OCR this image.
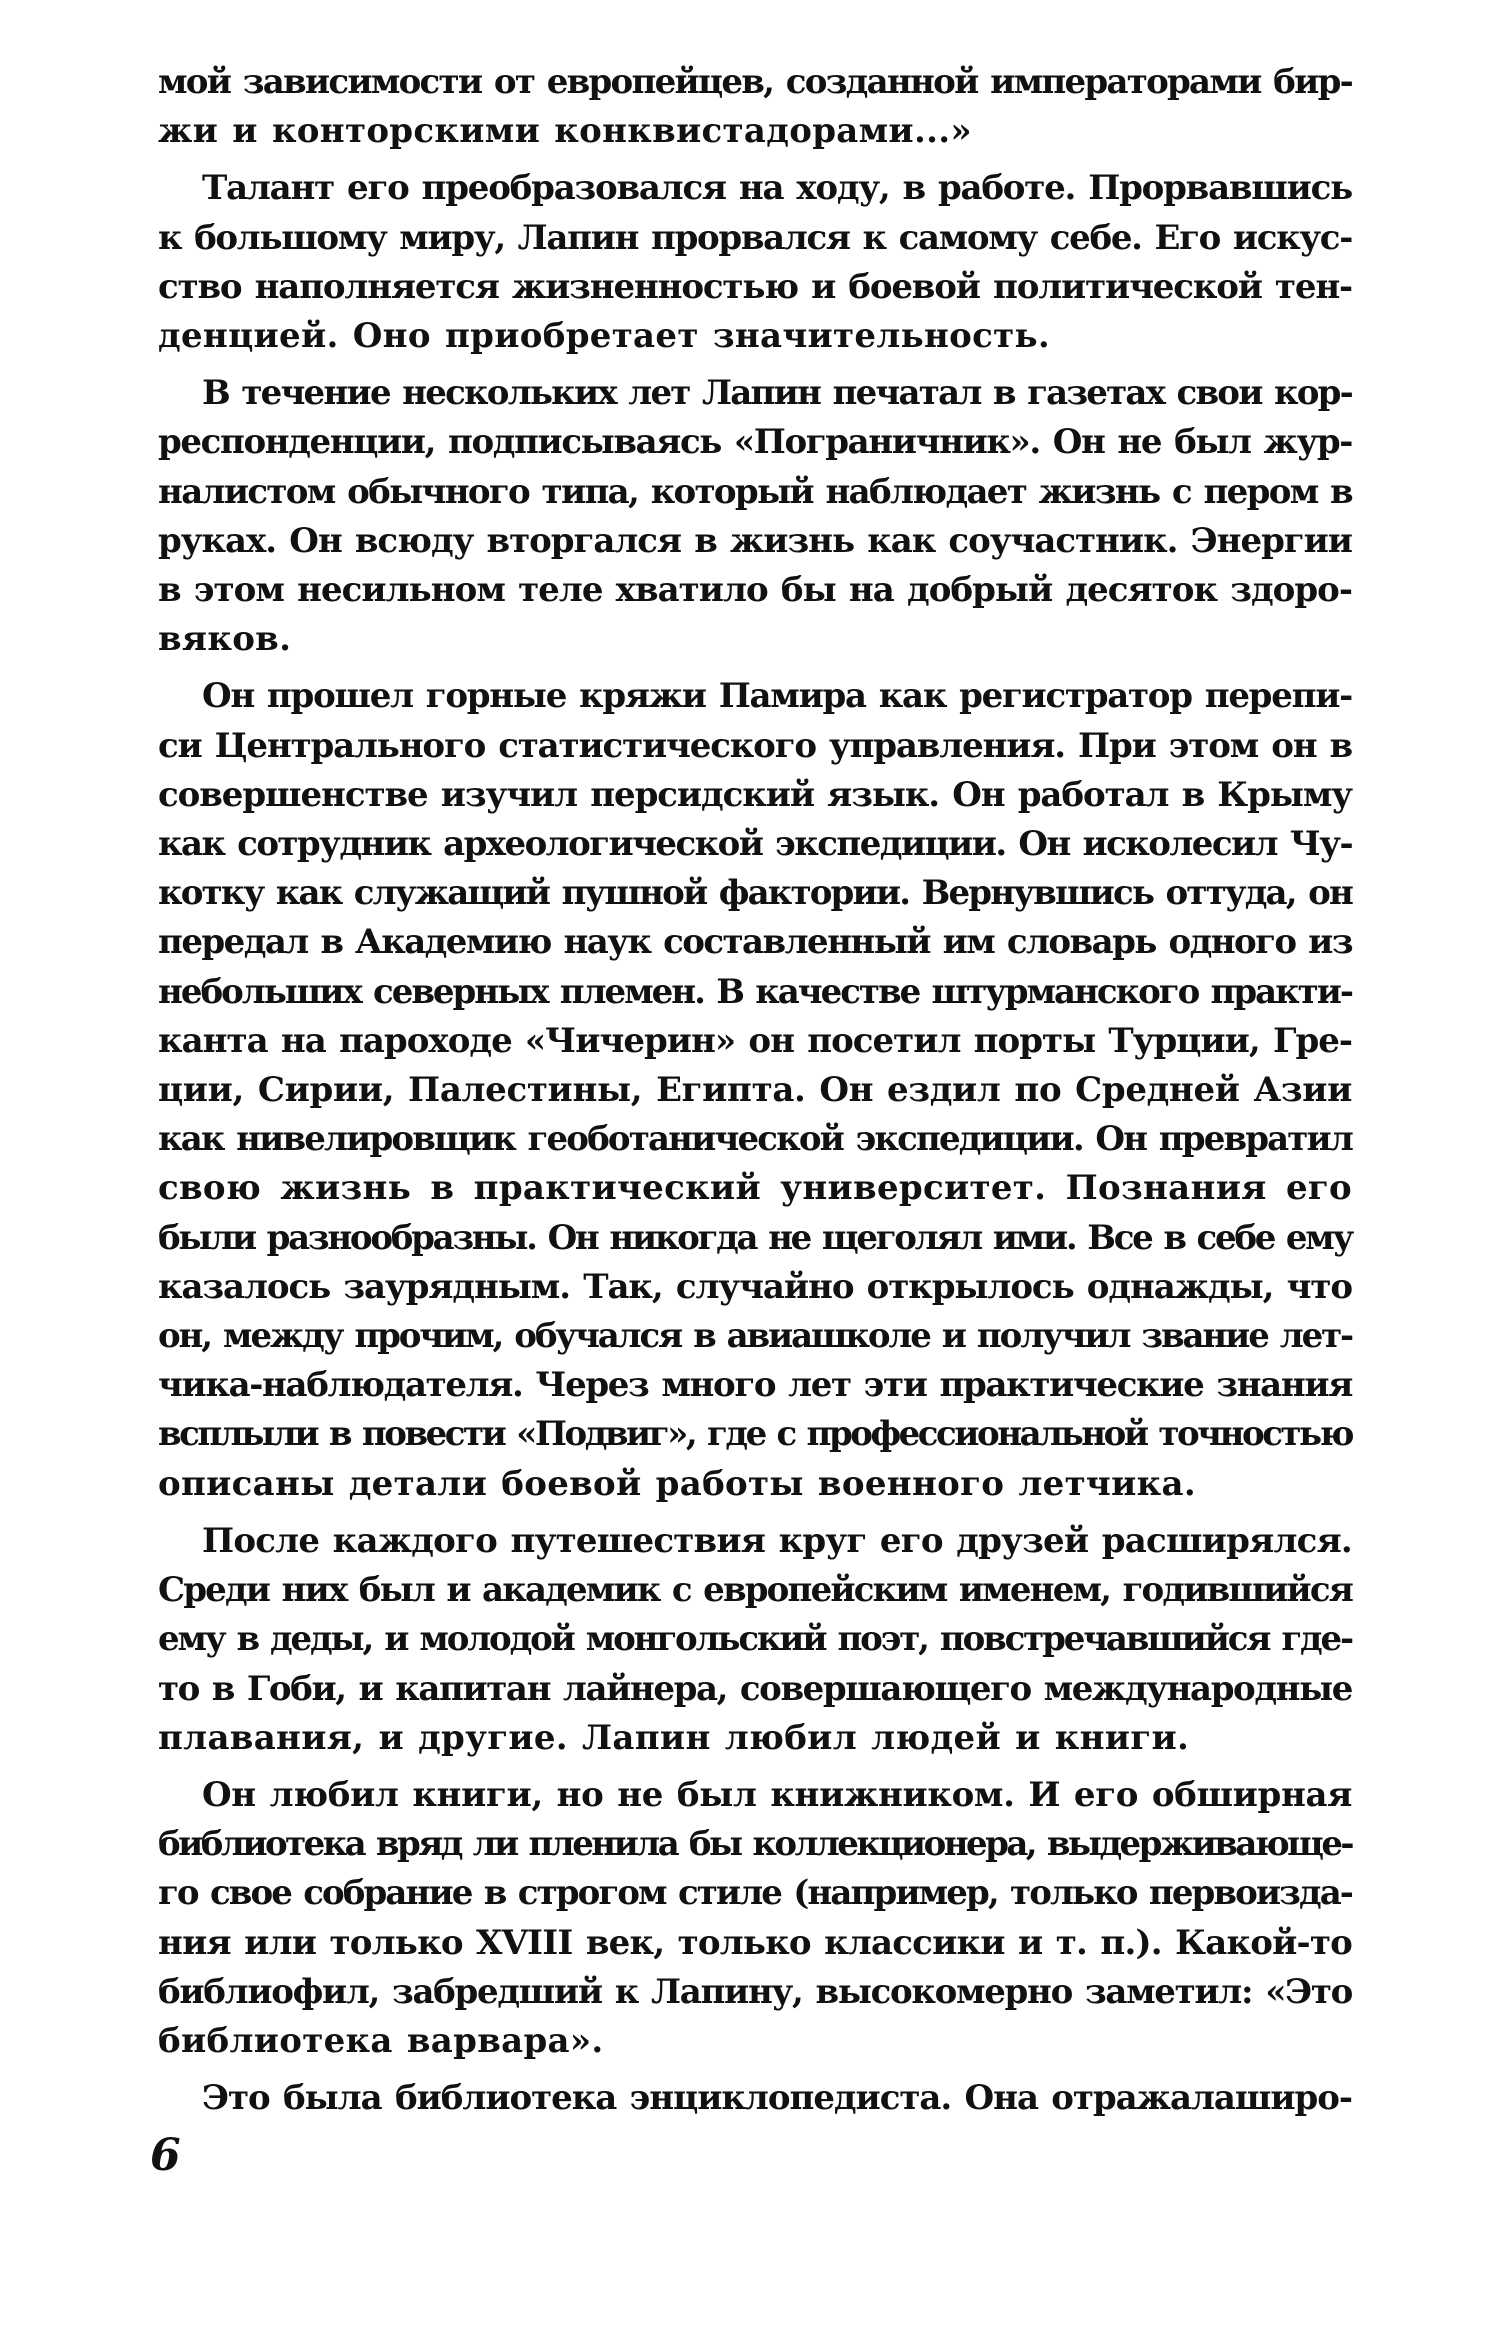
мой зависимости от европейцев, созданной императорами бир-
жи и конторскими конквистадорами...»

Талант его преобразовался на ходу, в работе. Прорвавшись
к большому миру, Лапин прорвался к самому себе. Его искус-
ство наполняется жизненностью и боевой политической тен-
денцией. Оно приобретает значительность.

В течение нескольких лет Лапин печатал в газетах свои кор-
респонденции, подписываясь «Пограничник». Он не был жур-
налистом обычного типа, который наблюдает жизнь с пером в
руках. Он всюду вторгался в жизнь как соучастник. Энергии
в этом несильном теле хватило бы на добрый десяток здоро-
вяков.

Он прошел горные кряжи Памира как регистратор перепи-
си Центрального статистического управления. При этом он в
совершенстве изучил персидский язык. Он работал в Крыму
как сотрудник археологической экспедиции. Он исколесил Чу-
котку как служащий пушной фактории. Вернувшись оттуда, он
передал в Академию наук составленный им словарь одного из
небольших северных племен. В качестве штурманского практи-
канта на пароходе «Чичерин» он посетил порты Турции, Гре-
ции, Сирии, Палестины, Египта. Он ездил по Средней Азии
как нивелировщик геоботанической экспедиции. Он превратил
свою жизнь в практический университет. Познания его
были разнообразны. Он никогда не щеголял ими. Все в себе ему
казалось заурядным. Так, случайно открылось однажды, что
он, между прочим, обучался в авиашколе и получил звание лет-
чика-наблюдателя. Через много лет эти практические знания
всплыли в повести «Подвиг», где с профессиональной точностью
описаны детали боевой работы военного летчика.

После каждого путешествия круг его друзей расширялся.
Среди них был и академик с европейским именем, годившийся
ему в деды, и молодой монгольский поэт, повстречавшийся где-
то в Гоби, и капитан лайнера, совершающего международные
плавания, и другие. Лапин любил людей и книги.

Он любил книги, но не был книжником. И его обширная
библиотека вряд ли пленила бы коллекционера, выдерживающе-
го свое собрание в строгом стиле (например, только первоизда-
ния или только XVIII век, только классики и т. п.). Какой-то
библиофил, забредший к Лапину, высокомерно заметил: «Это
библиотека варвара».

Это была библиотека энциклопедиста. Она отражалаширо-

6
